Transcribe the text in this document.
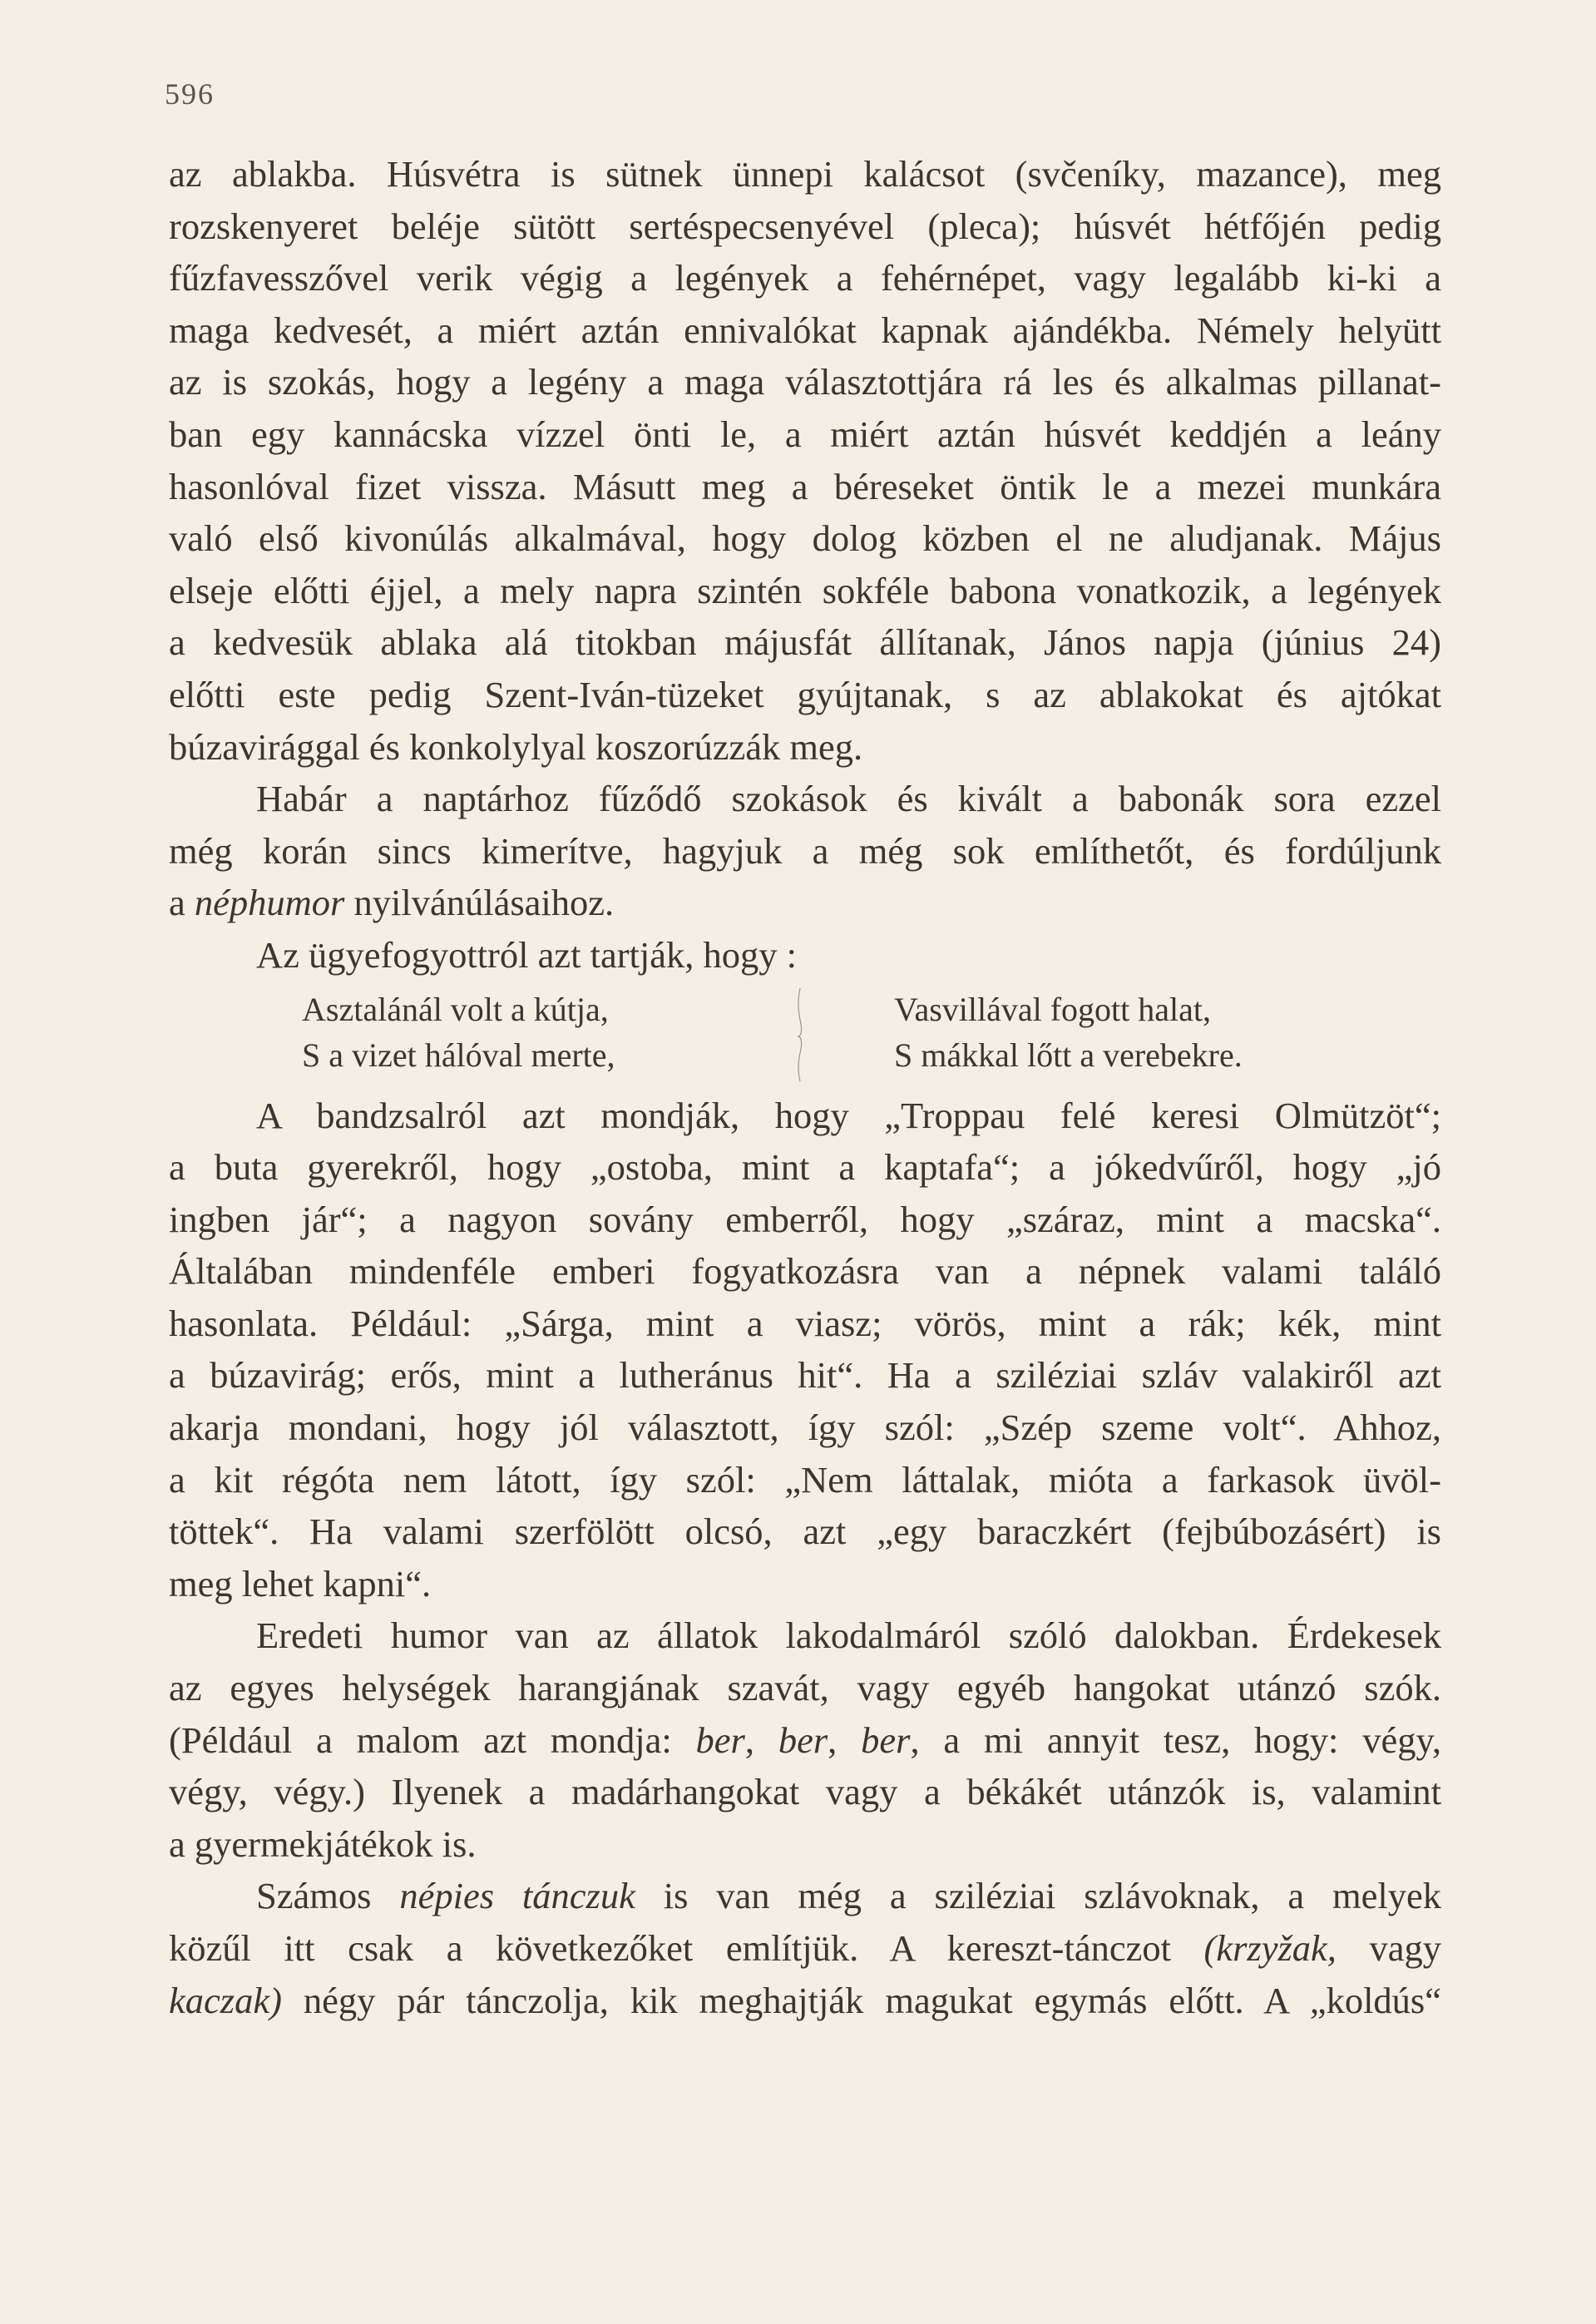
596
az ablakba. Húsvétra is sütnek ünnepi kalácsot (svčeníky, mazance), meg
rozskenyeret beléje sütött sertéspecsenyével (pleca); húsvét hétfőjén pedig
fűzfavesszővel verik végig a legények a fehérnépet, vagy legalább ki-ki a
maga kedvesét, a miért aztán ennivalókat kapnak ajándékba. Némely helyütt
az is szokás, hogy a legény a maga választottjára rá les és alkalmas pillanat-
ban egy kannácska vízzel önti le, a miért aztán húsvét keddjén a leány
hasonlóval fizet vissza. Másutt meg a béreseket öntik le a mezei munkára
való első kivonúlás alkalmával, hogy dolog közben el ne aludjanak. Május
elseje előtti éjjel, a mely napra szintén sokféle babona vonatkozik, a legények
a kedvesük ablaka alá titokban májusfát állítanak, János napja (június 24)
előtti este pedig Szent-Iván-tüzeket gyújtanak, s az ablakokat és ajtókat
búzavirággal és konkolylyal koszorúzzák meg.
Habár a naptárhoz fűződő szokások és kivált a babonák sora ezzel
még korán sincs kimerítve, hagyjuk a még sok említhetőt, és fordúljunk
a néphumor nyilvánúlásaihoz.
Az ügyefogyottról azt tartják, hogy :
Asztalánál volt a kútja,
S a vizet hálóval merte,
Vasvillával fogott halat,
S mákkal lőtt a verebekre.
A bandzsalról azt mondják, hogy „Troppau felé keresi Olmützöt“;
a buta gyerekről, hogy „ostoba, mint a kaptafa“; a jókedvűről, hogy „jó
ingben jár“; a nagyon sovány emberről, hogy „száraz, mint a macska“.
Általában mindenféle emberi fogyatkozásra van a népnek valami találó
hasonlata. Például: „Sárga, mint a viasz; vörös, mint a rák; kék, mint
a búzavirág; erős, mint a lutheránus hit“. Ha a sziléziai szláv valakiről azt
akarja mondani, hogy jól választott, így szól: „Szép szeme volt“. Ahhoz,
a kit régóta nem látott, így szól: „Nem láttalak, mióta a farkasok üvöl-
töttek“. Ha valami szerfölött olcsó, azt „egy baraczkért (fejbúbozásért) is
meg lehet kapni“.
Eredeti humor van az állatok lakodalmáról szóló dalokban. Érdekesek
az egyes helységek harangjának szavát, vagy egyéb hangokat utánzó szók.
(Például a malom azt mondja: ber, ber, ber, a mi annyit tesz, hogy: végy,
végy, végy.) Ilyenek a madárhangokat vagy a békákét utánzók is, valamint
a gyermekjátékok is.
Számos népies tánczuk is van még a sziléziai szlávoknak, a melyek
közűl itt csak a következőket említjük. A kereszt-tánczot (krzyžak, vagy
kaczak) négy pár tánczolja, kik meghajtják magukat egymás előtt. A „koldús“
